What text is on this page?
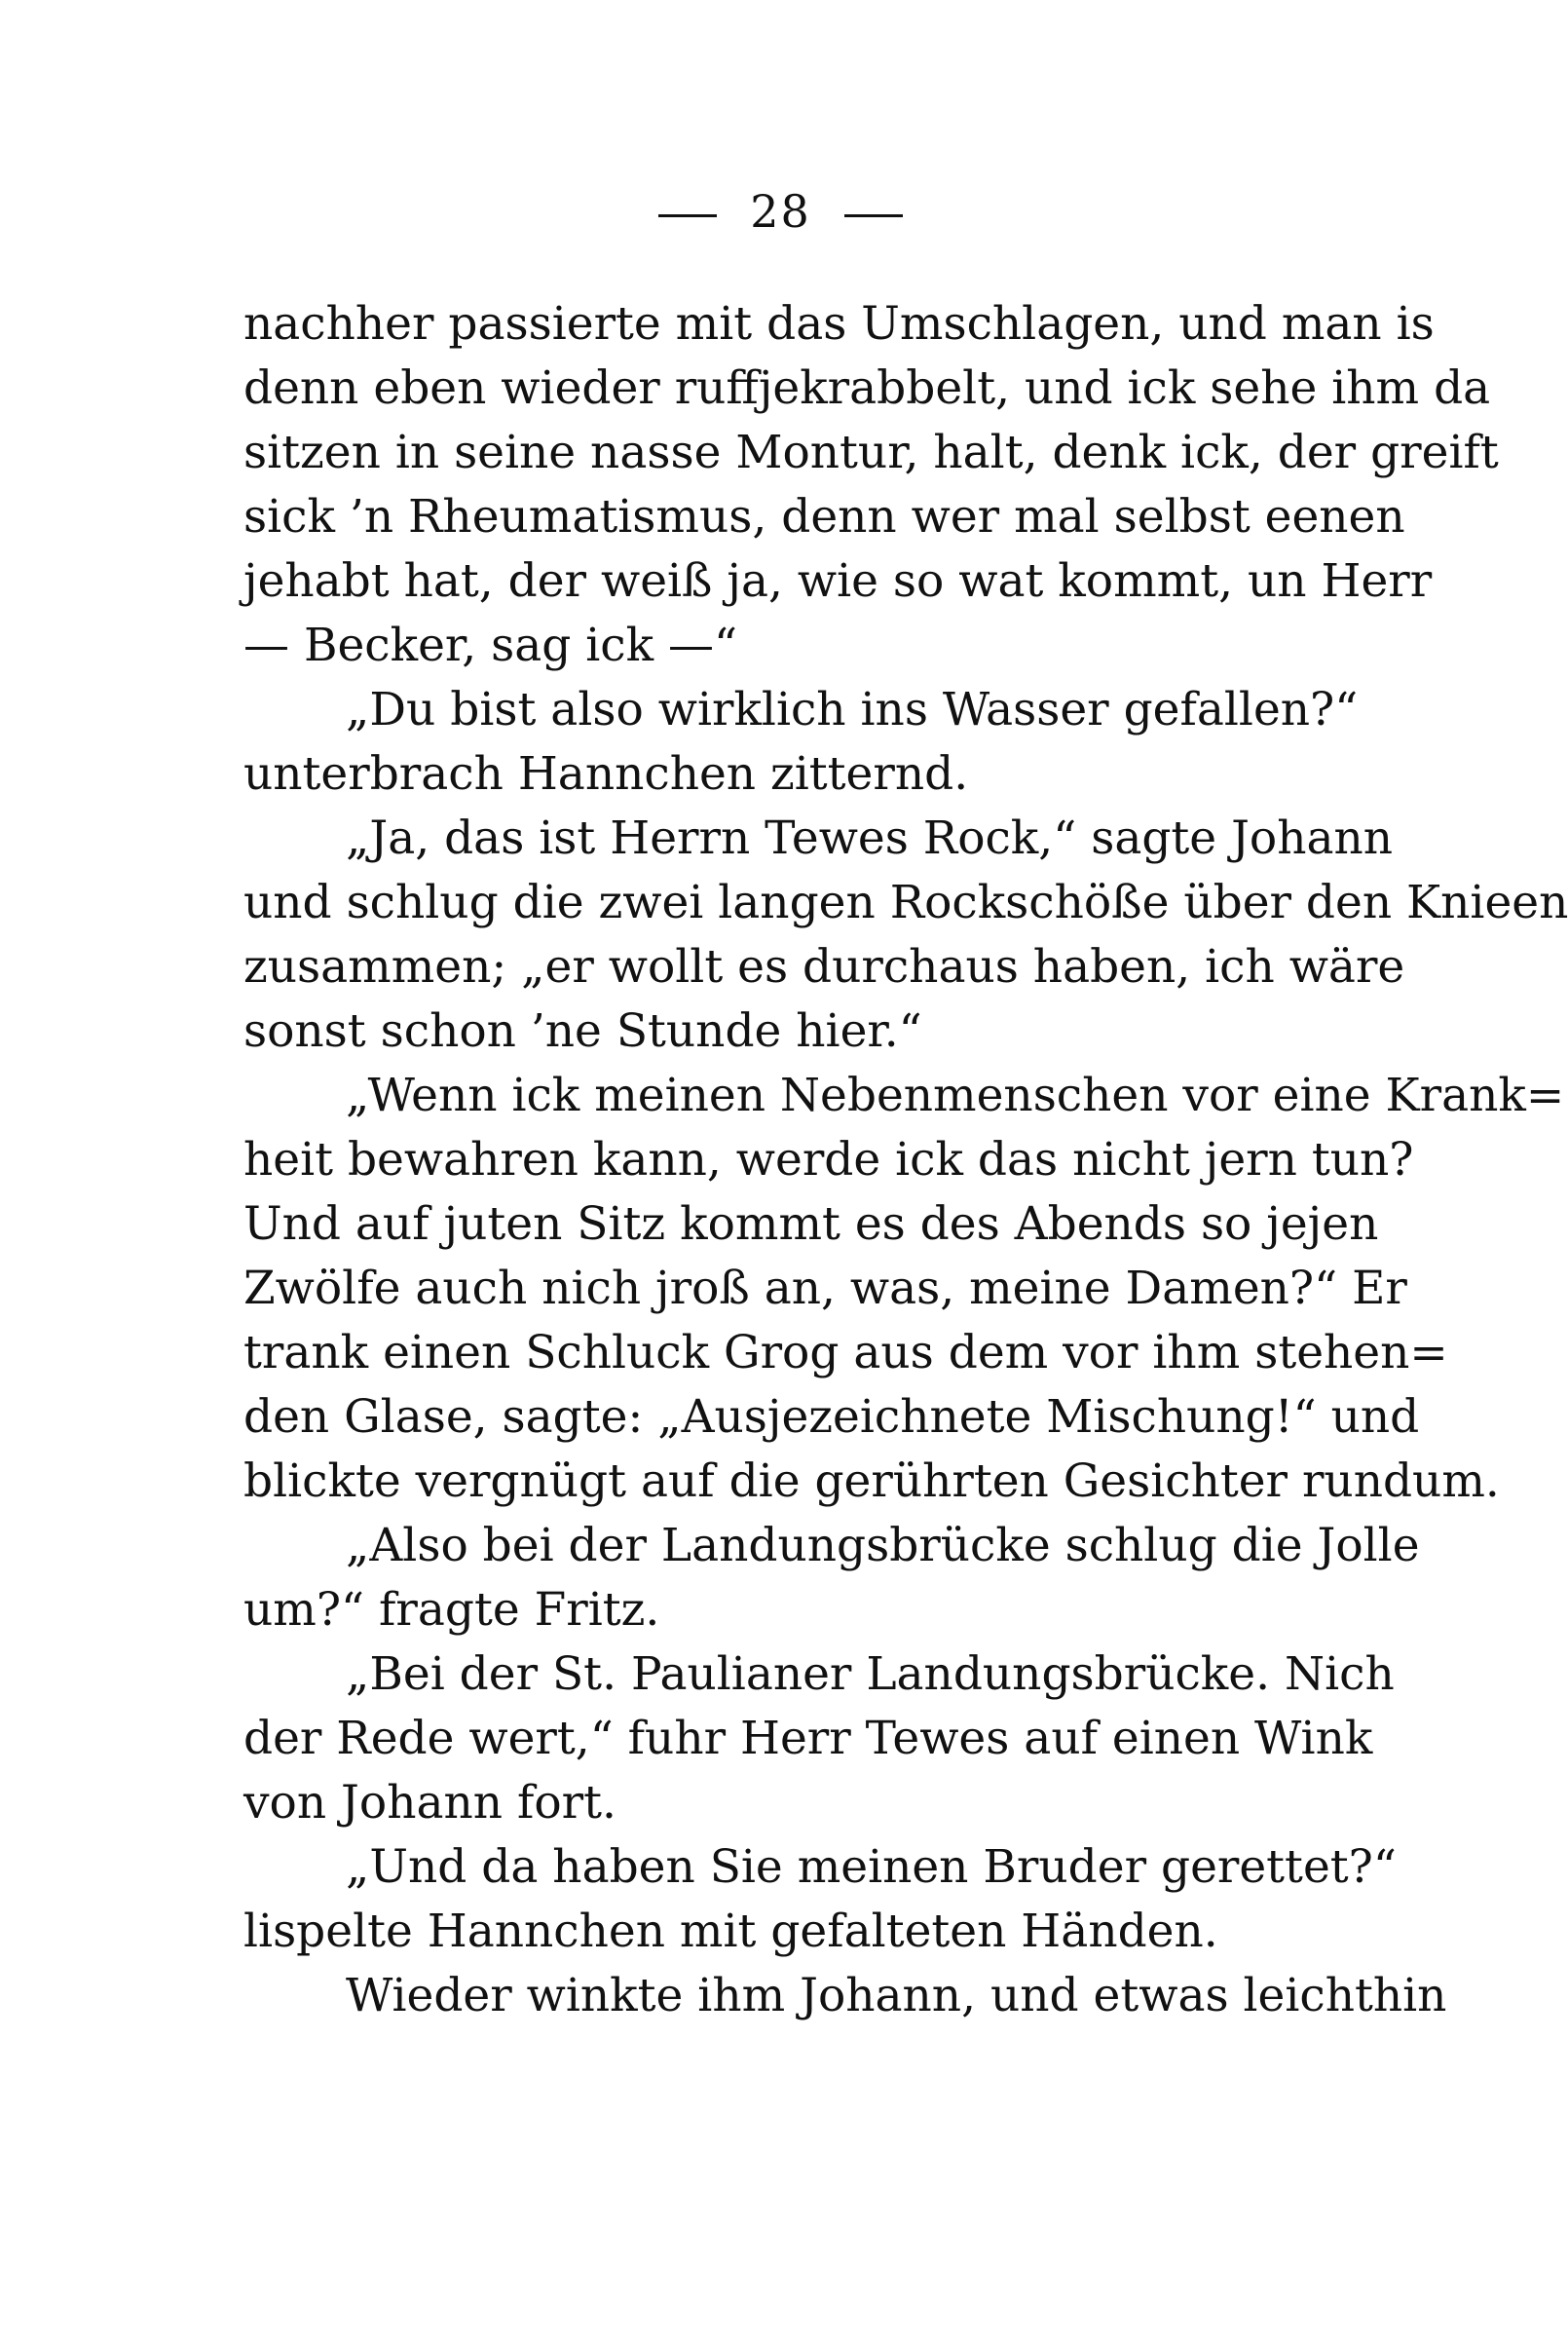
28
nachher passierte mit das Umschlagen, und man is
denn eben wieder ruffjekrabbelt, und ick sehe ihm da
sitzen in seine nasse Montur, halt, denk ick, der greift
sick ’n Rheumatismus, denn wer mal selbst eenen
jehabt hat, der weiß ja, wie so wat kommt, un Herr
— Becker, sag ick —“
„Du bist also wirklich ins Wasser gefallen?“
unterbrach Hannchen zitternd.
„Ja, das ist Herrn Tewes Rock,“ sagte Johann
und schlug die zwei langen Rockschöße über den Knieen
zusammen; „er wollt es durchaus haben, ich wäre
sonst schon ’ne Stunde hier.“
„Wenn ick meinen Nebenmenschen vor eine Krank=
heit bewahren kann, werde ick das nicht jern tun?
Und auf juten Sitz kommt es des Abends so jejen
Zwölfe auch nich jroß an, was, meine Damen?“ Er
trank einen Schluck Grog aus dem vor ihm stehen=
den Glase, sagte: „Ausjezeichnete Mischung!“ und
blickte vergnügt auf die gerührten Gesichter rundum.
„Also bei der Landungsbrücke schlug die Jolle
um?“ fragte Fritz.
„Bei der St. Paulianer Landungsbrücke. Nich
der Rede wert,“ fuhr Herr Tewes auf einen Wink
von Johann fort.
„Und da haben Sie meinen Bruder gerettet?“
lispelte Hannchen mit gefalteten Händen.
Wieder winkte ihm Johann, und etwas leichthin
